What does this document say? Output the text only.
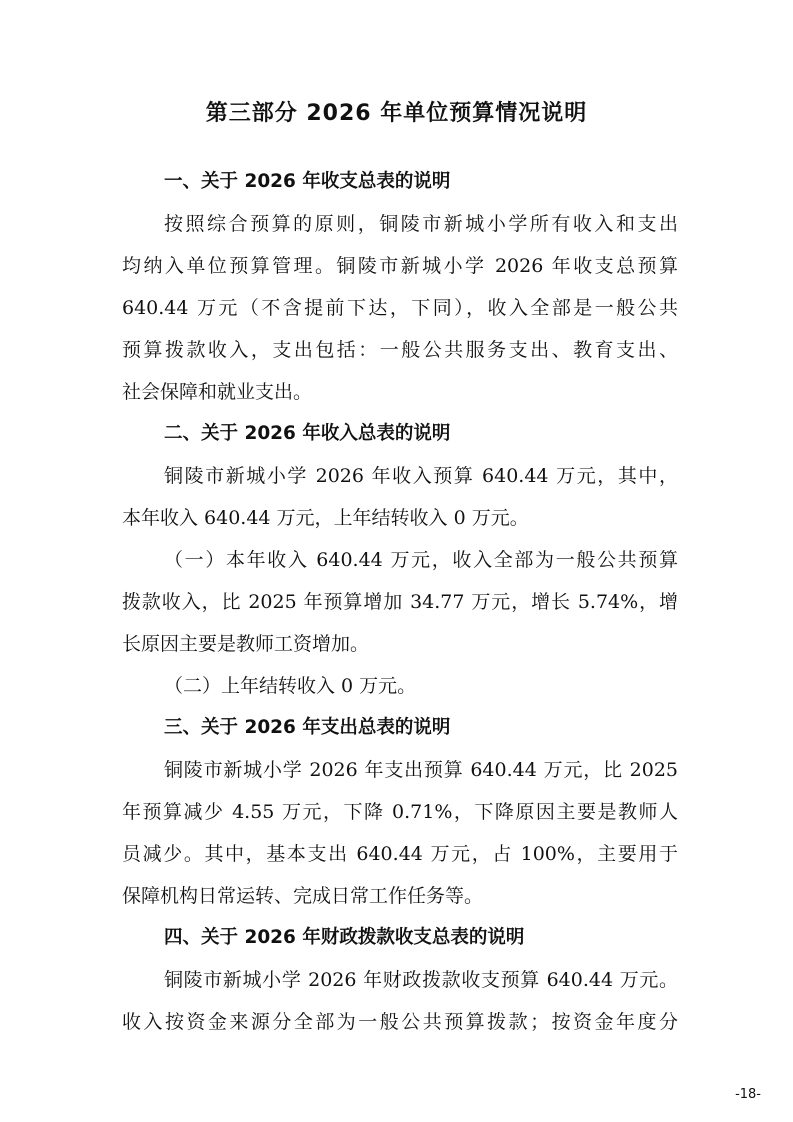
第三部分 2026 年单位预算情况说明
一、关于 2026 年收支总表的说明
按照综合预算的原则，铜陵市新城小学所有收入和支出
均纳入单位预算管理。铜陵市新城小学 2026 年收支总预算
640.44 万元（不含提前下达，下同），收入全部是一般公共
预算拨款收入，支出包括：一般公共服务支出、教育支出、
社会保障和就业支出。
二、关于 2026 年收入总表的说明
铜陵市新城小学 2026 年收入预算 640.44 万元，其中，
本年收入 640.44 万元，上年结转收入 0 万元。
（一）本年收入 640.44 万元，收入全部为一般公共预算
拨款收入，比 2025 年预算增加 34.77 万元，增长 5.74%，增
长原因主要是教师工资增加。
（二）上年结转收入 0 万元。
三、关于 2026 年支出总表的说明
铜陵市新城小学 2026 年支出预算 640.44 万元，比 2025
年预算减少 4.55 万元，下降 0.71%，下降原因主要是教师人
员减少。其中，基本支出 640.44 万元，占 100%，主要用于
保障机构日常运转、完成日常工作任务等。
四、关于 2026 年财政拨款收支总表的说明
铜陵市新城小学 2026 年财政拨款收支预算 640.44 万元。
收入按资金来源分全部为一般公共预算拨款；按资金年度分
-18-
